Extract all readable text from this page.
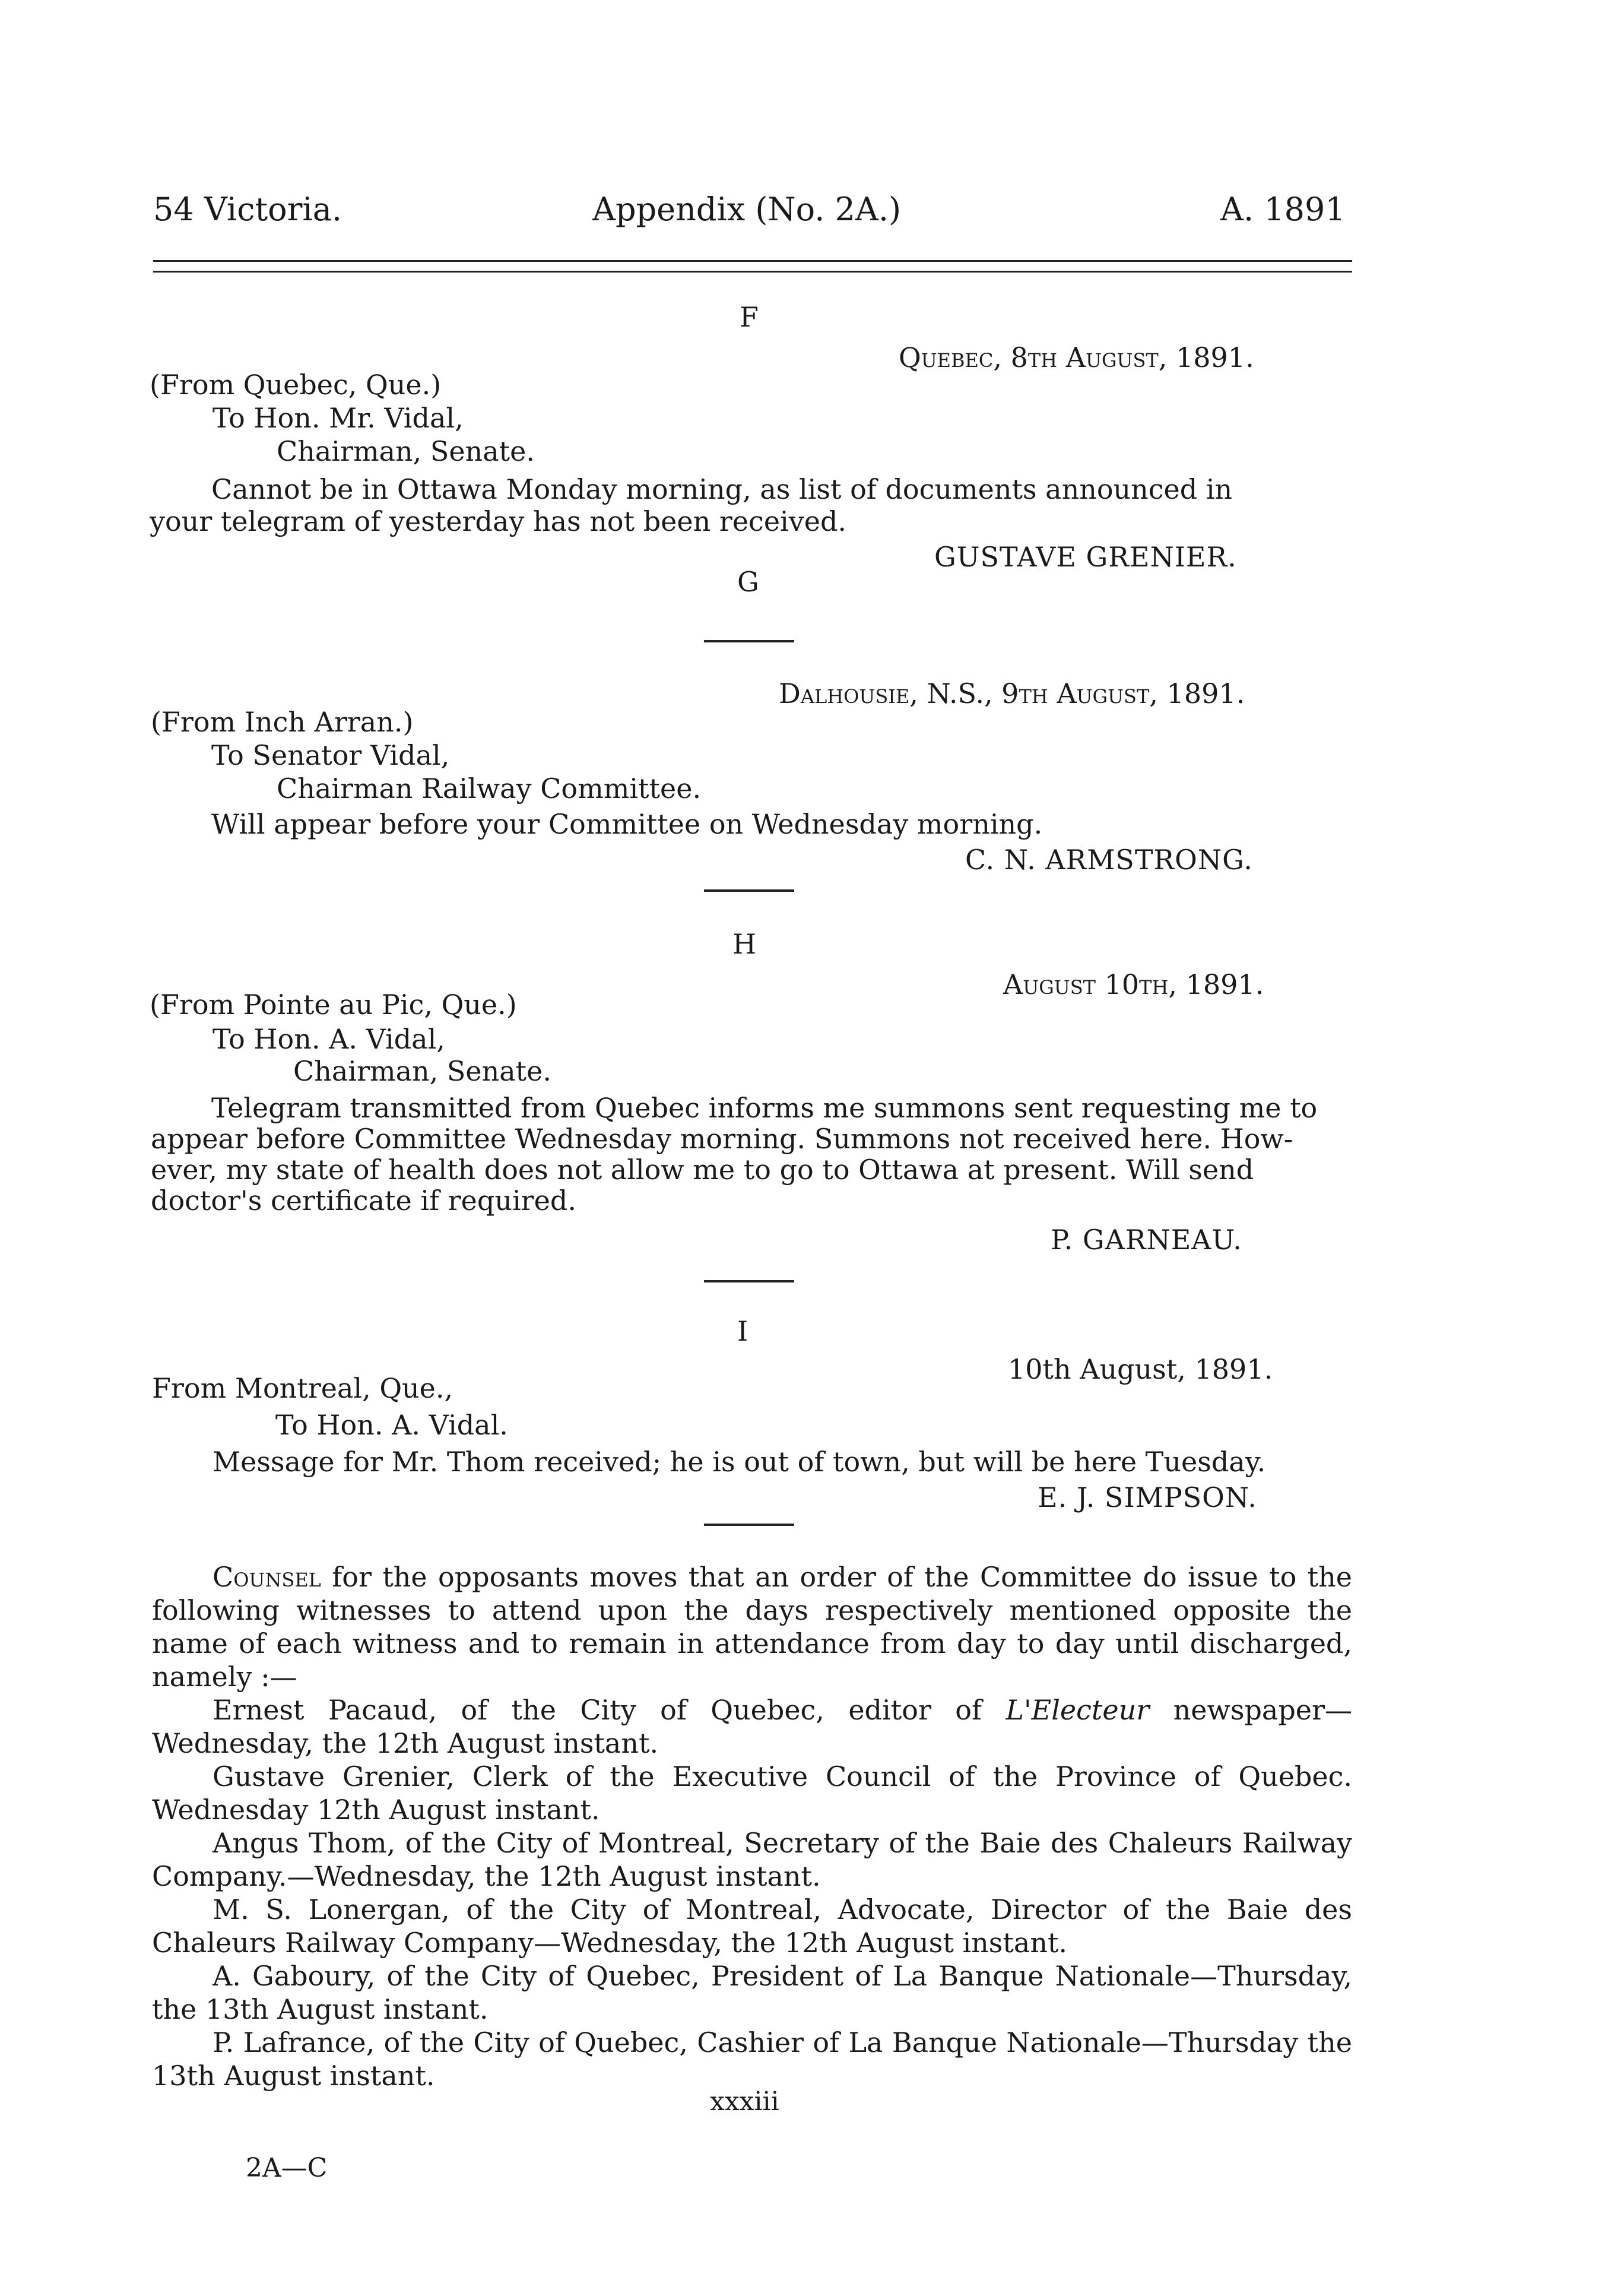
54 Victoria.	Appendix (No. 2A.)	A. 1891
F
Quebec, 8th August, 1891.
(From Quebec, Que.)
To Hon. Mr. Vidal,
Chairman, Senate.
Cannot be in Ottawa Monday morning, as list of documents announced in
your telegram of yesterday has not been received.
GUSTAVE GRENIER.
G
Dalhousie, N.S., 9th August, 1891.
(From Inch Arran.)
To Senator Vidal,
Chairman Railway Committee.
Will appear before your Committee on Wednesday morning.
C. N. ARMSTRONG.
H
August 10th, 1891.
(From Pointe au Pic, Que.)
To Hon. A. Vidal,
Chairman, Senate.
Telegram transmitted from Quebec informs me summons sent requesting me to
appear before Committee Wednesday morning. Summons not received here. How-
ever, my state of health does not allow me to go to Ottawa at present. Will send
doctor's certificate if required.
P. GARNEAU.
I
10th August, 1891.
From Montreal, Que.,
To Hon. A. Vidal.
Message for Mr. Thom received; he is out of town, but will be here Tuesday.
E. J. SIMPSON.

Counsel for the opposants moves that an order of the Committee do issue to the following witnesses to attend upon the days respectively mentioned opposite the name of each witness and to remain in attendance from day to day until discharged, namely :—

Ernest Pacaud, of the City of Quebec, editor of L'Electeur newspaper—Wednesday, the 12th August instant.

Gustave Grenier, Clerk of the Executive Council of the Province of Quebec. Wednesday 12th August instant.

Angus Thom, of the City of Montreal, Secretary of the Baie des Chaleurs Railway Company.—Wednesday, the 12th August instant.

M. S. Lonergan, of the City of Montreal, Advocate, Director of the Baie des Chaleurs Railway Company—Wednesday, the 12th August instant.

A. Gaboury, of the City of Quebec, President of La Banque Nationale—Thursday, the 13th August instant.

P. Lafrance, of the City of Quebec, Cashier of La Banque Nationale—Thursday the 13th August instant.

xxxiii
2A—C
